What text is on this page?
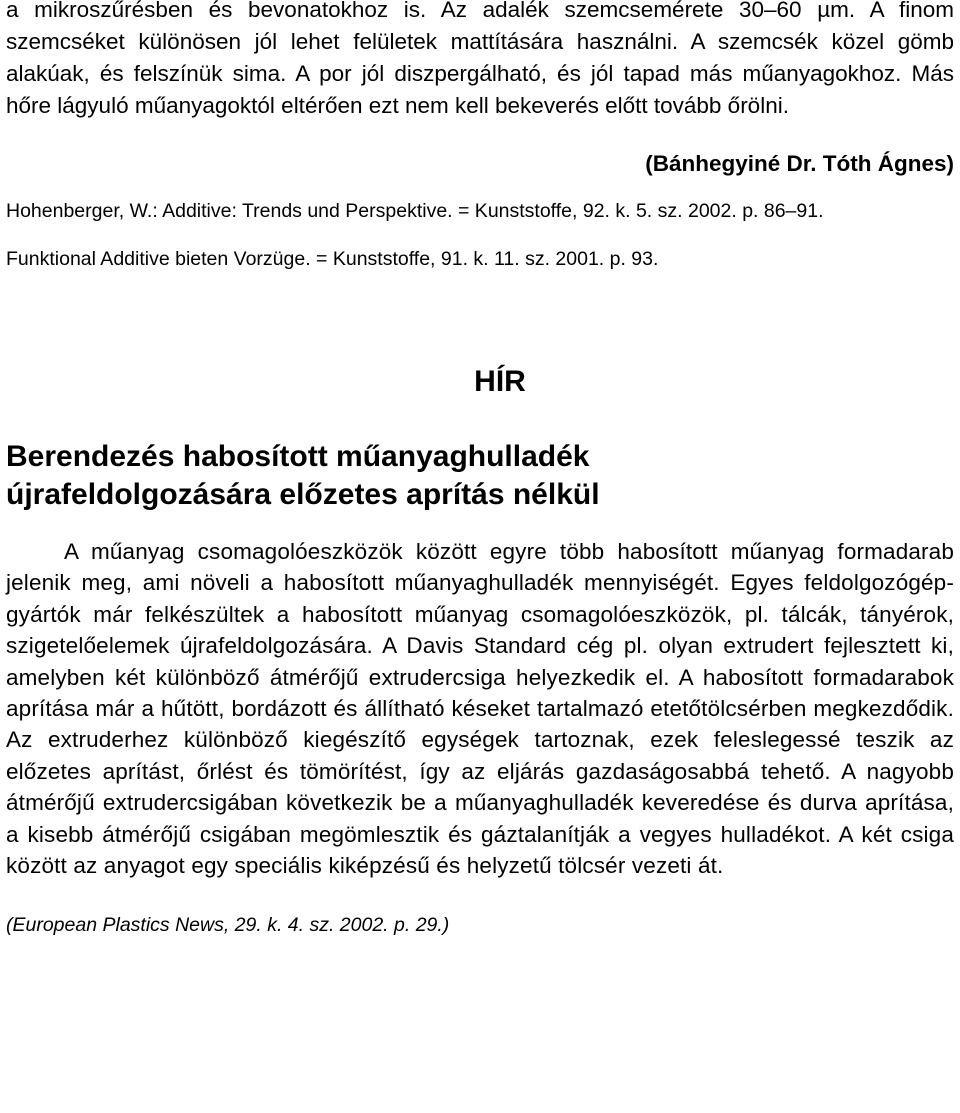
a mikroszűrésben és bevonatokhoz is. Az adalék szemcsemérete 30–60 µm. A finom szemcséket különösen jól lehet felületek mattítására használni. A szemcsék közel gömb alakúak, és felszínük sima. A por jól diszpergálható, és jól tapad más műanyagokhoz. Más hőre lágyuló műanyagoktól eltérően ezt nem kell bekeverés előtt tovább őrölni.

(Bánhegyiné Dr. Tóth Ágnes)

Hohenberger, W.: Additive: Trends und Perspektive. = Kunststoffe, 92. k. 5. sz. 2002. p. 86–91.

Funktional Additive bieten Vorzüge. = Kunststoffe, 91. k. 11. sz. 2001. p. 93.

HÍR
Berendezés habosított műanyaghulladék
újrafeldolgozására előzetes aprítás nélkül

A műanyag csomagolóeszközök között egyre több habosított műanyag formadarab jelenik meg, ami növeli a habosított műanyaghulladék mennyiségét. Egyes feldolgozógép-gyártók már felkészültek a habosított műanyag csomagolóeszközök, pl. tálcák, tányérok, szigetelőelemek újrafeldolgozására. A Davis Standard cég pl. olyan extrudert fejlesztett ki, amelyben két különböző átmérőjű extrudercsiga helyezkedik el. A habosított formadarabok aprítása már a hűtött, bordázott és állítható késeket tartalmazó etetőtölcsérben megkezdődik. Az extruderhez különböző kiegészítő egységek tartoznak, ezek feleslegessé teszik az előzetes aprítást, őrlést és tömörítést, így az eljárás gazdaságosabbá tehető. A nagyobb átmérőjű extrudercsigában következik be a műanyaghulladék keveredése és durva aprítása, a kisebb átmérőjű csigában megömlesztik és gáztalanítják a vegyes hulladékot. A két csiga között az anyagot egy speciális kiképzésű és helyzetű tölcsér vezeti át.

(European Plastics News, 29. k. 4. sz. 2002. p. 29.)
